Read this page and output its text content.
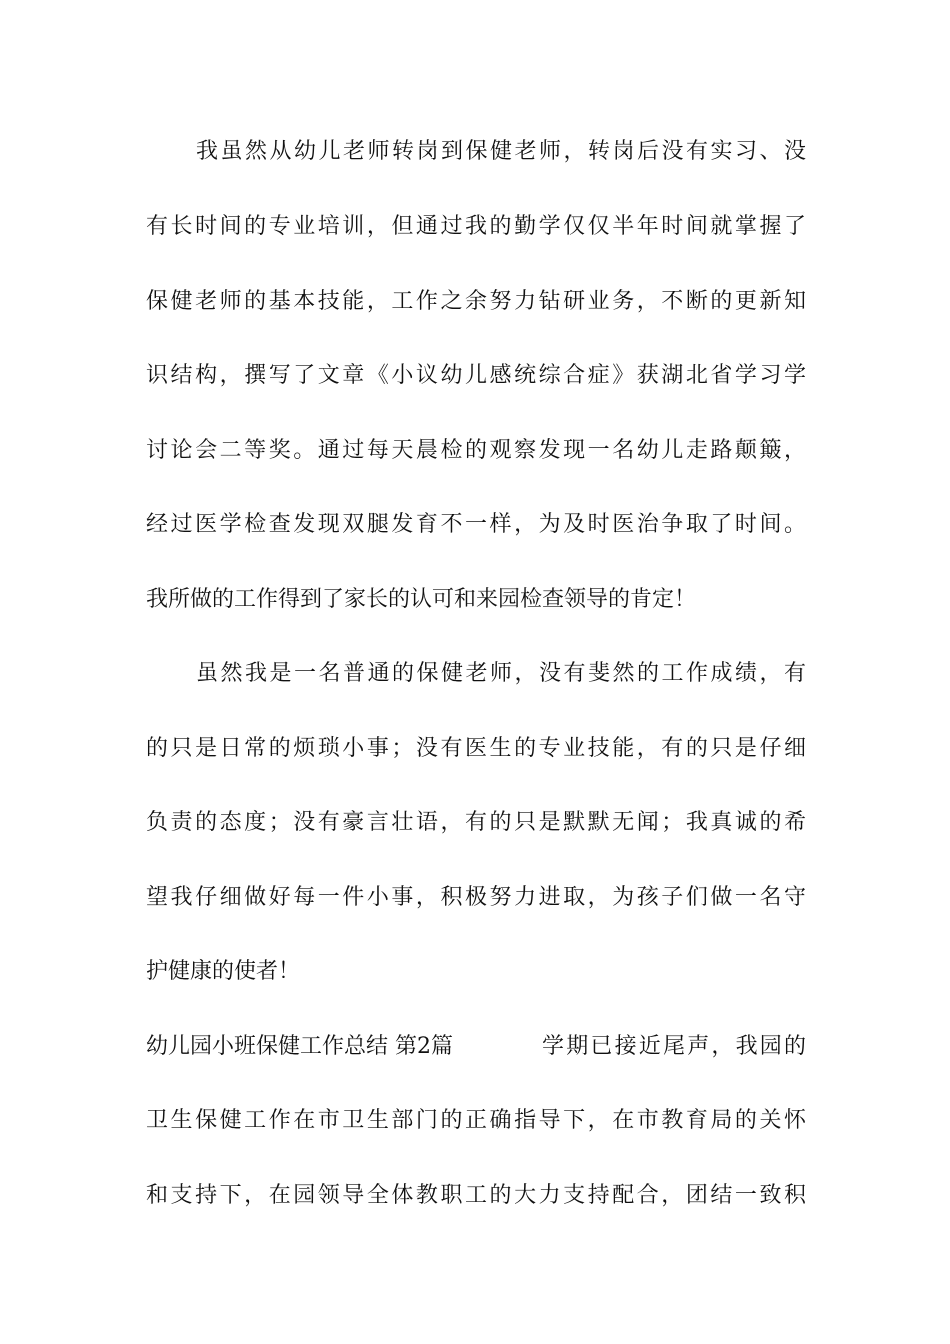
我虽然从幼儿老师转岗到保健老师，转岗后没有实习、没
有长时间的专业培训，但通过我的勤学仅仅半年时间就掌握了
保健老师的基本技能，工作之余努力钻研业务，不断的更新知
识结构，撰写了文章《小议幼儿感统综合症》获湖北省学习学
讨论会二等奖。通过每天晨检的观察发现一名幼儿走路颠簸，
经过医学检查发现双腿发育不一样，为及时医治争取了时间。
我所做的工作得到了家长的认可和来园检查领导的肯定！
虽然我是一名普通的保健老师，没有斐然的工作成绩，有
的只是日常的烦琐小事；没有医生的专业技能，有的只是仔细
负责的态度；没有豪言壮语，有的只是默默无闻；我真诚的希
望我仔细做好每一件小事，积极努力进取，为孩子们做一名守
护健康的使者！
幼儿园小班保健工作总结 第2篇	学期已接近尾声，我园的
卫生保健工作在市卫生部门的正确指导下，在市教育局的关怀
和支持下，在园领导全体教职工的大力支持配合，团结一致积
